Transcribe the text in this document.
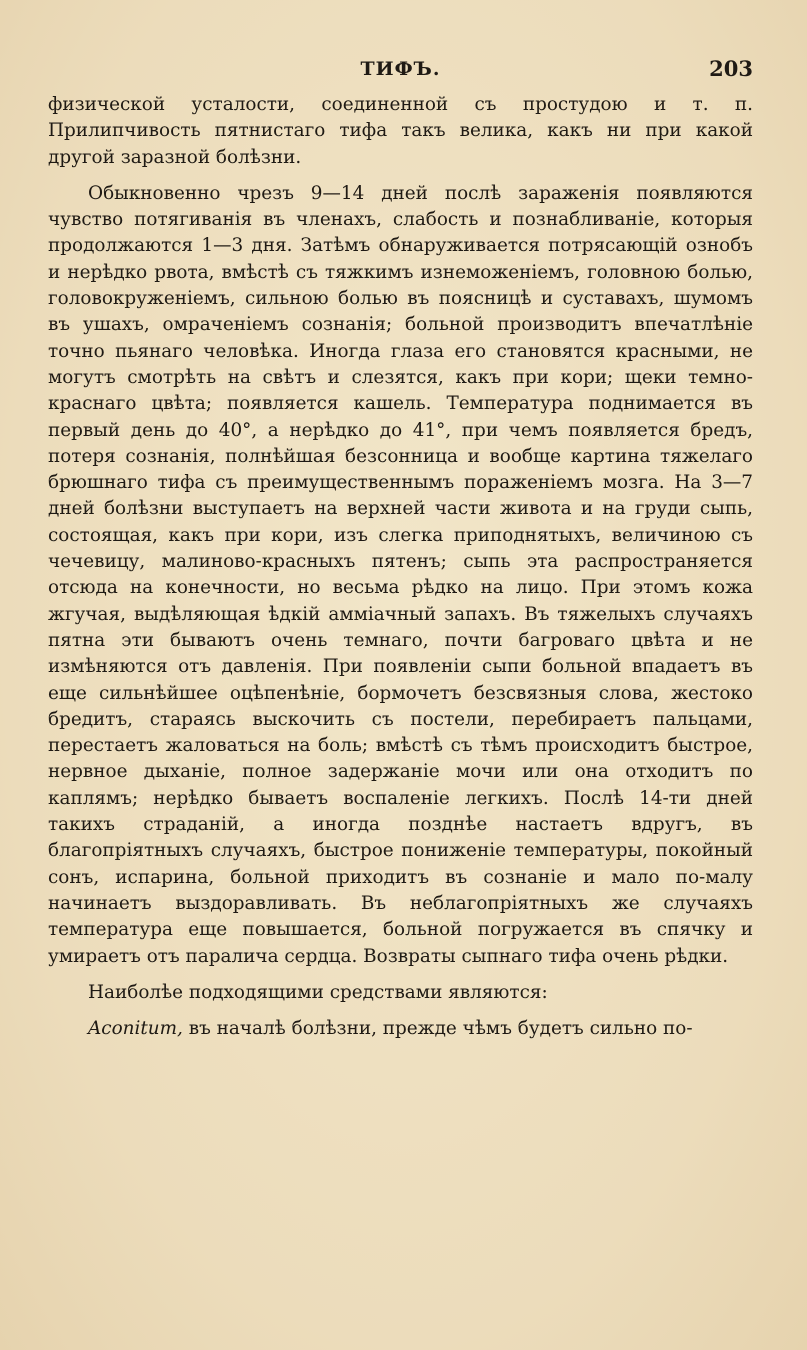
ТИФЪ.	203

физической усталости, соединенной съ простудою и т. п. Прилипчивость пятнистаго тифа такъ велика, какъ ни при какой другой заразной болѣзни.

Обыкновенно чрезъ 9—14 дней послѣ зараженія появляются чувство потягиванія въ членахъ, слабость и познабливаніе, которыя продолжаются 1—3 дня. Затѣмъ обнаруживается потрясающій ознобъ и нерѣдко рвота, вмѣстѣ съ тяжкимъ изнеможеніемъ, головною болью, головокруженіемъ, сильною болью въ поясницѣ и суставахъ, шумомъ въ ушахъ, омраченіемъ сознанія; больной производитъ впечатлѣніе точно пьянаго человѣка. Иногда глаза его становятся красными, не могутъ смотрѣть на свѣтъ и слезятся, какъ при кори; щеки темно-краснаго цвѣта; появляется кашель. Температура поднимается въ первый день до 40°, а нерѣдко до 41°, при чемъ появляется бредъ, потеря сознанія, полнѣйшая безсонница и вообще картина тяжелаго брюшнаго тифа съ преимущественнымъ пораженіемъ мозга. На 3—7 дней болѣзни выступаетъ на верхней части живота и на груди сыпь, состоящая, какъ при кори, изъ слегка приподнятыхъ, величиною съ чечевицу, малиново-красныхъ пятенъ; сыпь эта распространяется отсюда на конечности, но весьма рѣдко на лицо. При этомъ кожа жгучая, выдѣляющая ѣдкій амміачный запахъ. Въ тяжелыхъ случаяхъ пятна эти бываютъ очень темнаго, почти багроваго цвѣта и не измѣняются отъ давленія. При появленіи сыпи больной впадаетъ въ еще сильнѣйшее оцѣпенѣніе, бормочетъ безсвязныя слова, жестоко бредитъ, стараясь выскочить съ постели, перебираетъ пальцами, перестаетъ жаловаться на боль; вмѣстѣ съ тѣмъ происходитъ быстрое, нервное дыханіе, полное задержаніе мочи или она отходитъ по каплямъ; нерѣдко бываетъ воспаленіе легкихъ. Послѣ 14-ти дней такихъ страданій, а иногда позднѣе настаетъ вдругъ, въ благопріятныхъ случаяхъ, быстрое пониженіе температуры, покойный сонъ, испарина, больной приходитъ въ сознаніе и мало по-малу начинаетъ выздоравливать. Въ неблагопріятныхъ же случаяхъ температура еще повышается, больной погружается въ спячку и умираетъ отъ паралича сердца. Возвраты сыпнаго тифа очень рѣдки.

Наиболѣе подходящими средствами являются:

Aconitum, въ началѣ болѣзни, прежде чѣмъ будетъ сильно по-
